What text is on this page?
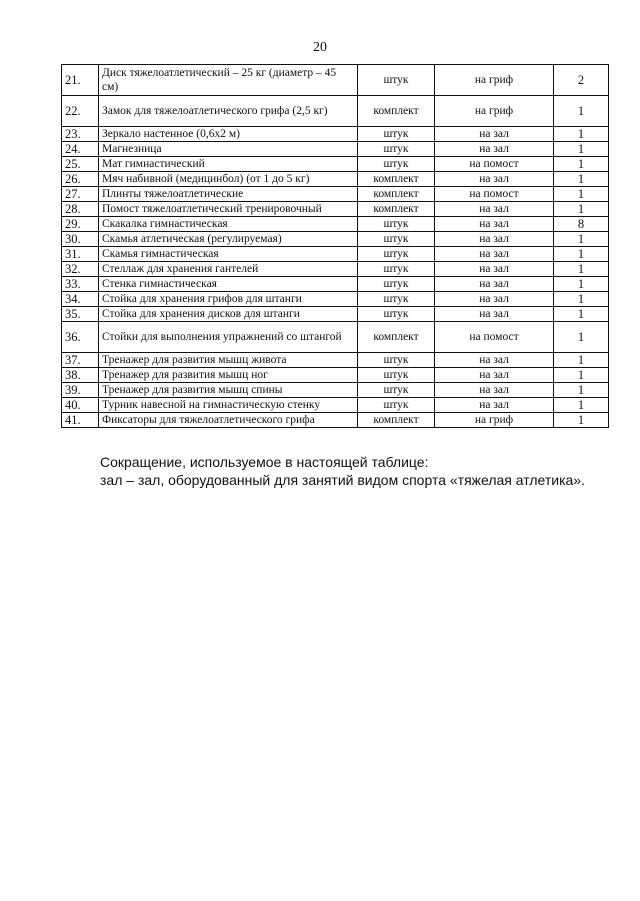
20
21.	Диск тяжелоатлетический – 25 кг (диаметр – 45 см)	штук	на гриф	2
22.	Замок для тяжелоатлетического грифа (2,5 кг)	комплект	на гриф	1
23.	Зеркало настенное (0,6х2 м)	штук	на зал	1
24.	Магнезница	штук	на зал	1
25.	Мат гимнастический	штук	на помост	1
26.	Мяч набивной (медицинбол) (от 1 до 5 кг)	комплект	на зал	1
27.	Плинты тяжелоатлетические	комплект	на помост	1
28.	Помост тяжелоатлетический тренировочный	комплект	на зал	1
29.	Скакалка гимнастическая	штук	на зал	8
30.	Скамья атлетическая (регулируемая)	штук	на зал	1
31.	Скамья гимнастическая	штук	на зал	1
32.	Стеллаж для хранения гантелей	штук	на зал	1
33.	Стенка гимнастическая	штук	на зал	1
34.	Стойка для хранения грифов для штанги	штук	на зал	1
35.	Стойка для хранения дисков для штанги	штук	на зал	1
36.	Стойки для выполнения упражнений со штангой	комплект	на помост	1
37.	Тренажер для развития мышц живота	штук	на зал	1
38.	Тренажер для развития мышц ног	штук	на зал	1
39.	Тренажер для развития мышц спины	штук	на зал	1
40.	Турник навесной на гимнастическую стенку	штук	на зал	1
41.	Фиксаторы для тяжелоатлетического грифа	комплект	на гриф	1
Сокращение, используемое в настоящей таблице:
зал – зал, оборудованный для занятий видом спорта «тяжелая атлетика».
